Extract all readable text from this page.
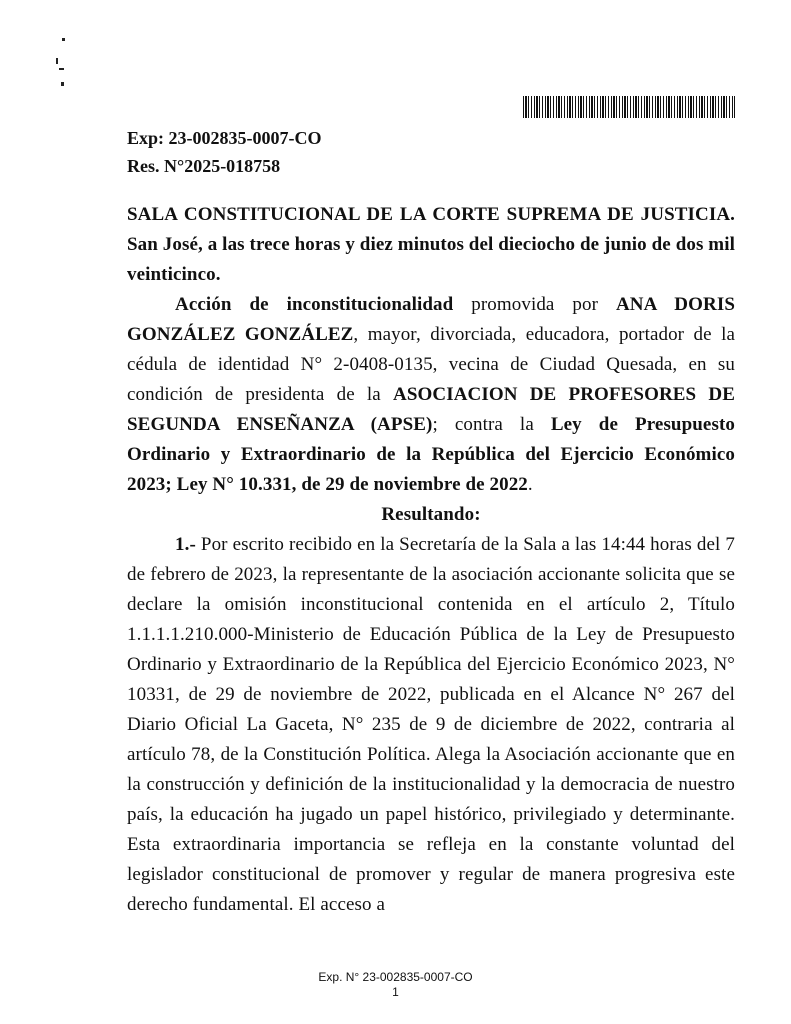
Exp: 23-002835-0007-CO
Res. N°2025-018758

SALA CONSTITUCIONAL DE LA CORTE SUPREMA DE JUSTICIA. San José, a las trece horas y diez minutos del dieciocho de junio de dos mil veinticinco.

Acción de inconstitucionalidad promovida por ANA DORIS GONZÁLEZ GONZÁLEZ, mayor, divorciada, educadora, portador de la cédula de identidad N° 2-0408-0135, vecina de Ciudad Quesada, en su condición de presidenta de la ASOCIACION DE PROFESORES DE SEGUNDA ENSEÑANZA (APSE); contra la Ley de Presupuesto Ordinario y Extraordinario de la República del Ejercicio Económico 2023; Ley N° 10.331, de 29 de noviembre de 2022.

Resultando:

1.- Por escrito recibido en la Secretaría de la Sala a las 14:44 horas del 7 de febrero de 2023, la representante de la asociación accionante solicita que se declare la omisión inconstitucional contenida en el artículo 2, Título 1.1.1.1.210.000-Ministerio de Educación Pública de la Ley de Presupuesto Ordinario y Extraordinario de la República del Ejercicio Económico 2023, N° 10331, de 29 de noviembre de 2022, publicada en el Alcance N° 267 del Diario Oficial La Gaceta, N° 235 de 9 de diciembre de 2022, contraria al artículo 78, de la Constitución Política. Alega la Asociación accionante que en la construcción y definición de la institucionalidad y la democracia de nuestro país, la educación ha jugado un papel histórico, privilegiado y determinante. Esta extraordinaria importancia se refleja en la constante voluntad del legislador constitucional de promover y regular de manera progresiva este derecho fundamental. El acceso a

Exp. N° 23-002835-0007-CO
1
